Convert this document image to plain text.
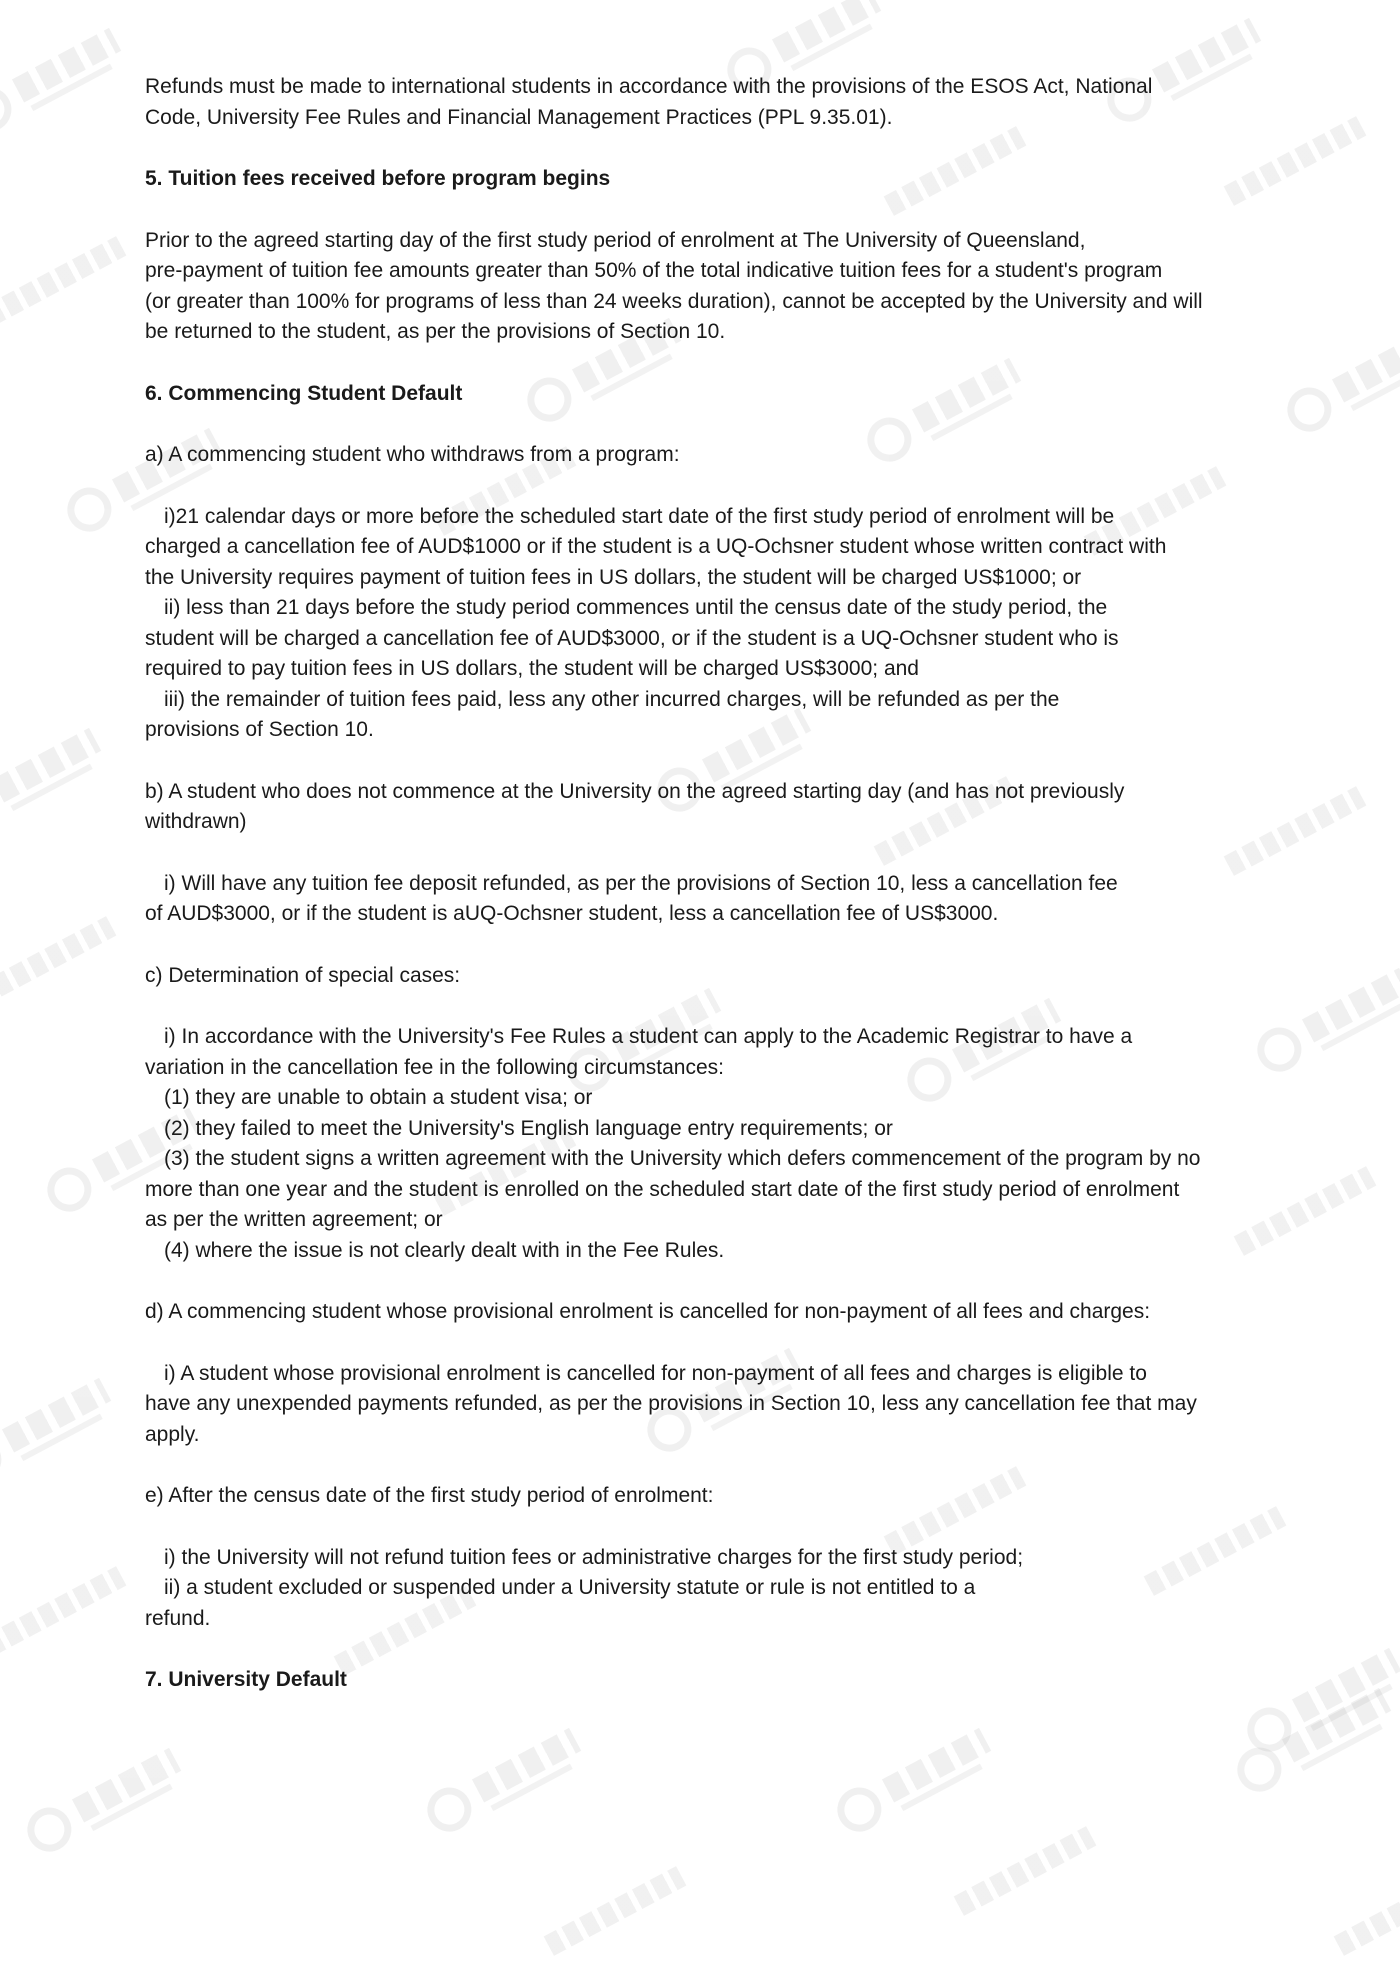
Refunds must be made to international students in accordance with the provisions of the ESOS Act, National
Code, University Fee Rules and Financial Management Practices (PPL 9.35.01).
5. Tuition fees received before program begins
Prior to the agreed starting day of the first study period of enrolment at The University of Queensland,
pre-payment of tuition fee amounts greater than 50% of the total indicative tuition fees for a student's program
(or greater than 100% for programs of less than 24 weeks duration), cannot be accepted by the University and will
be returned to the student, as per the provisions of Section 10.
6. Commencing Student Default
a) A commencing student who withdraws from a program:
i)21 calendar days or more before the scheduled start date of the first study period of enrolment will be
charged a cancellation fee of AUD$1000 or if the student is a UQ-Ochsner student whose written contract with
the University requires payment of tuition fees in US dollars, the student will be charged US$1000; or
ii) less than 21 days before the study period commences until the census date of the study period, the
student will be charged a cancellation fee of AUD$3000, or if the student is a UQ-Ochsner student who is
required to pay tuition fees in US dollars, the student will be charged US$3000; and
iii) the remainder of tuition fees paid, less any other incurred charges, will be refunded as per the
provisions of Section 10.
b) A student who does not commence at the University on the agreed starting day (and has not previously
withdrawn)
i) Will have any tuition fee deposit refunded, as per the provisions of Section 10, less a cancellation fee
of AUD$3000, or if the student is aUQ-Ochsner student, less a cancellation fee of US$3000.
c) Determination of special cases:
i) In accordance with the University's Fee Rules a student can apply to the Academic Registrar to have a
variation in the cancellation fee in the following circumstances:
(1) they are unable to obtain a student visa; or
(2) they failed to meet the University's English language entry requirements; or
(3) the student signs a written agreement with the University which defers commencement of the program by no
more than one year and the student is enrolled on the scheduled start date of the first study period of enrolment
as per the written agreement; or
(4) where the issue is not clearly dealt with in the Fee Rules.
d) A commencing student whose provisional enrolment is cancelled for non-payment of all fees and charges:
i) A student whose provisional enrolment is cancelled for non-payment of all fees and charges is eligible to
have any unexpended payments refunded, as per the provisions in Section 10, less any cancellation fee that may
apply.
e) After the census date of the first study period of enrolment:
i) the University will not refund tuition fees or administrative charges for the first study period;
ii) a student excluded or suspended under a University statute or rule is not entitled to a
refund.
7. University Default
